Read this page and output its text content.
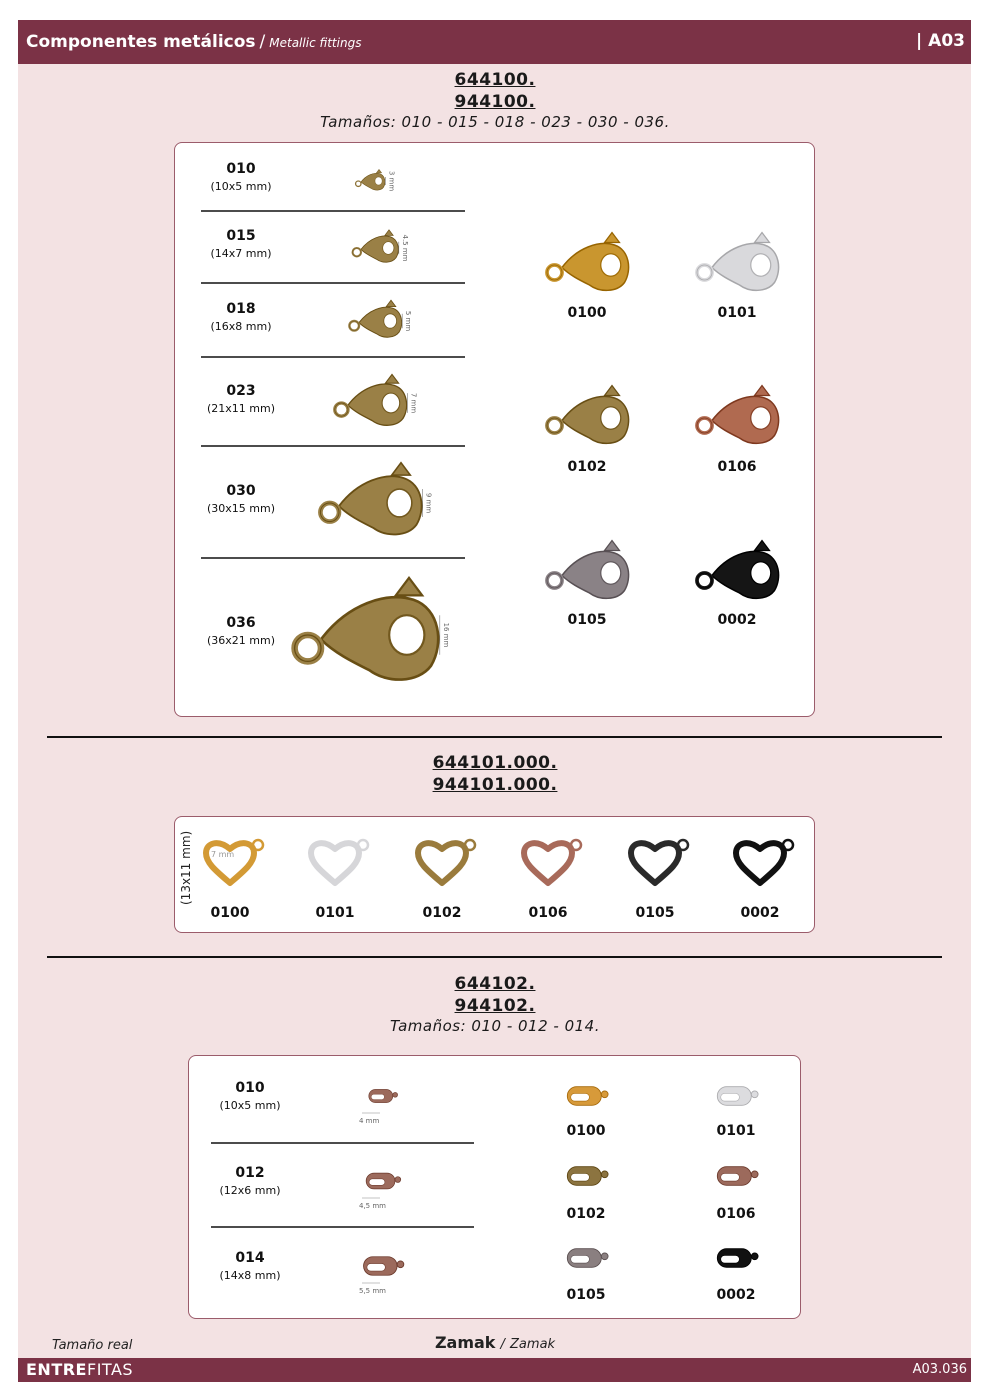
Componentes metálicos / Metallic fittings	| A03
644100.
944100.
Tamaños: 010 - 015 - 018 - 023 - 030 - 036.
010
(10x5 mm)	3 mm
015
(14x7 mm)	4.5 mm
018
(16x8 mm)	5 mm
023
(21x11 mm)	7 mm
030
(30x15 mm)	9 mm
036
(36x21 mm)	16 mm
0100	0101
0102	0106
0105	0002
644101.000.
944101.000.
0100	0101	0102	0106	0105	0002
7 mm
(13x11 mm)
644102.
944102.
Tamaños: 010 - 012 - 014.
010
(10x5 mm)
4 mm
012
(12x6 mm)
4,5 mm
014
(14x8 mm)
5,5 mm
0100	0101
0102	0106
0105	0002
Tamaño real	Zamak / Zamak
ENTREFITAS	A03.036
